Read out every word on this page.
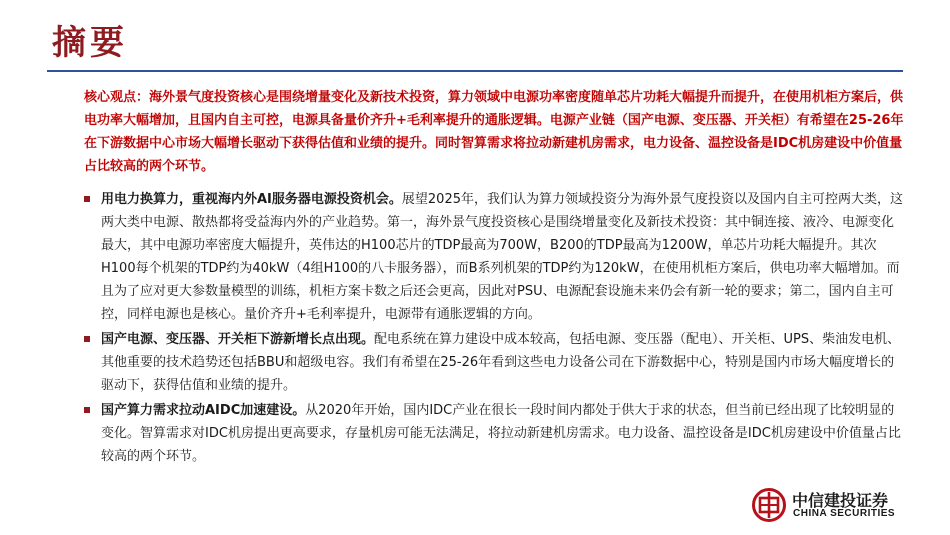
摘要

核心观点：海外景气度投资核心是围绕增量变化及新技术投资，算力领域中电源功率密度随单芯片功耗大幅提升而提升，在使用机柜方案后，供电功率大幅增加，且国内自主可控，电源具备量价齐升+毛利率提升的通胀逻辑。电源产业链（国产电源、变压器、开关柜）有希望在25-26年在下游数据中心市场大幅增长驱动下获得估值和业绩的提升。同时智算需求将拉动新建机房需求，电力设备、温控设备是IDC机房建设中价值量占比较高的两个环节。

用电力换算力，重视海内外AI服务器电源投资机会。展望2025年，我们认为算力领域投资分为海外景气度投资以及国内自主可控两大类，这两大类中电源、散热都将受益海内外的产业趋势。第一，海外景气度投资核心是围绕增量变化及新技术投资：其中铜连接、液冷、电源变化最大，其中电源功率密度大幅提升，英伟达的H100芯片的TDP最高为700W，B200的TDP最高为1200W，单芯片功耗大幅提升。其次H100每个机架的TDP约为40kW（4组H100的八卡服务器），而B系列机架的TDP约为120kW，在使用机柜方案后，供电功率大幅增加。而且为了应对更大参数量模型的训练，机柜方案卡数之后还会更高，因此对PSU、电源配套设施未来仍会有新一轮的要求；第二，国内自主可控，同样电源也是核心。量价齐升+毛利率提升，电源带有通胀逻辑的方向。
国产电源、变压器、开关柜下游新增长点出现。配电系统在算力建设中成本较高，包括电源、变压器（配电）、开关柜、UPS、柴油发电机、其他重要的技术趋势还包括BBU和超级电容。我们有希望在25-26年看到这些电力设备公司在下游数据中心，特别是国内市场大幅度增长的驱动下，获得估值和业绩的提升。
国产算力需求拉动AIDC加速建设。从2020年开始，国内IDC产业在很长一段时间内都处于供大于求的状态，但当前已经出现了比较明显的变化。智算需求对IDC机房提出更高要求，存量机房可能无法满足，将拉动新建机房需求。电力设备、温控设备是IDC机房建设中价值量占比较高的两个环节。
中信建投证券
CHINA SECURITIES
